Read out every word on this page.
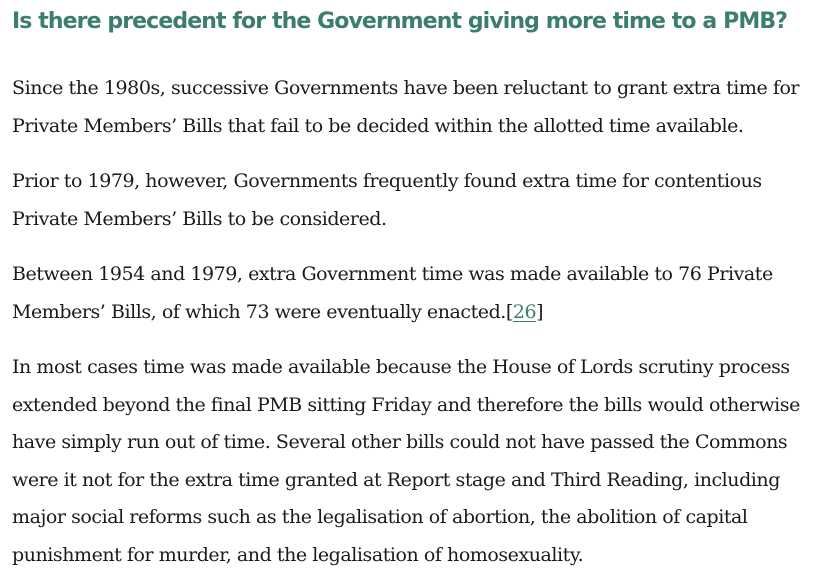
Is there precedent for the Government giving more time to a PMB?

Since the 1980s, successive Governments have been reluctant to grant extra time for Private Members’ Bills that fail to be decided within the allotted time available.

Prior to 1979, however, Governments frequently found extra time for contentious Private Members’ Bills to be considered.

Between 1954 and 1979, extra Government time was made available to 76 Private Members’ Bills, of which 73 were eventually enacted.[26]

In most cases time was made available because the House of Lords scrutiny process extended beyond the final PMB sitting Friday and therefore the bills would otherwise have simply run out of time. Several other bills could not have passed the Commons were it not for the extra time granted at Report stage and Third Reading, including major social reforms such as the legalisation of abortion, the abolition of capital punishment for murder, and the legalisation of homosexuality.
